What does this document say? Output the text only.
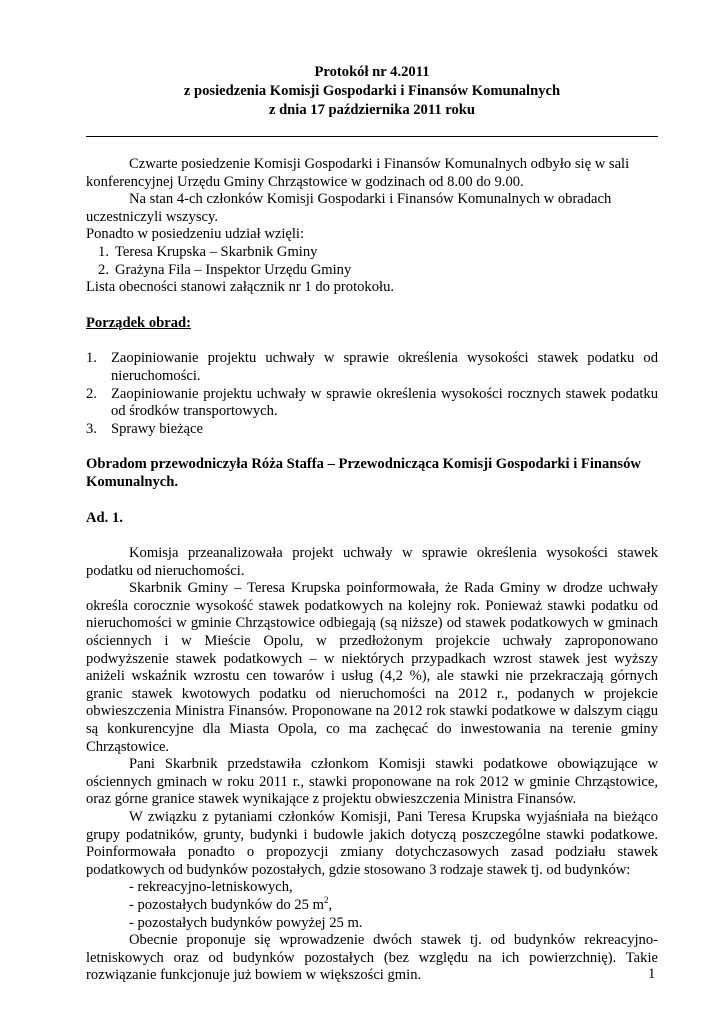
Protokół nr 4.2011
z posiedzenia Komisji Gospodarki i Finansów Komunalnych
z dnia 17 października 2011 roku

Czwarte posiedzenie Komisji Gospodarki i Finansów Komunalnych odbyło się w sali konferencyjnej Urzędu Gminy Chrząstowice w godzinach od 8.00 do 9.00.

Na stan 4-ch członków Komisji Gospodarki i Finansów Komunalnych w obradach uczestniczyli wszyscy.

Ponadto w posiedzeniu udział wzięli:

1. Teresa Krupska – Skarbnik Gminy
2. Grażyna Fila – Inspektor Urzędu Gminy

Lista obecności stanowi załącznik nr 1 do protokołu.

Porządek obrad:

1. Zaopiniowanie projektu uchwały w sprawie określenia wysokości stawek podatku od nieruchomości.
2. Zaopiniowanie projektu uchwały w sprawie określenia wysokości rocznych stawek podatku od środków transportowych.
3. Sprawy bieżące

Obradom przewodniczyła Róża Staffa – Przewodnicząca Komisji Gospodarki i Finansów Komunalnych.

Ad. 1.

Komisja przeanalizowała projekt uchwały w sprawie określenia wysokości stawek podatku od nieruchomości.

Skarbnik Gminy – Teresa Krupska poinformowała, że Rada Gminy w drodze uchwały określa corocznie wysokość stawek podatkowych na kolejny rok. Ponieważ stawki podatku od nieruchomości w gminie Chrząstowice odbiegają (są niższe) od stawek podatkowych w gminach ościennych i w Mieście Opolu, w przedłożonym projekcie uchwały zaproponowano podwyższenie stawek podatkowych – w niektórych przypadkach wzrost stawek jest wyższy aniżeli wskaźnik wzrostu cen towarów i usług (4,2 %), ale stawki nie przekraczają górnych granic stawek kwotowych podatku od nieruchomości na 2012 r., podanych w projekcie obwieszczenia Ministra Finansów. Proponowane na 2012 rok stawki podatkowe w dalszym ciągu są konkurencyjne dla Miasta Opola, co ma zachęcać do inwestowania na terenie gminy Chrząstowice.

Pani Skarbnik przedstawiła członkom Komisji stawki podatkowe obowiązujące w ościennych gminach w roku 2011 r., stawki proponowane na rok 2012 w gminie Chrząstowice, oraz górne granice stawek wynikające z projektu obwieszczenia Ministra Finansów.

W związku z pytaniami członków Komisji, Pani Teresa Krupska wyjaśniała na bieżąco grupy podatników, grunty, budynki i budowle jakich dotyczą poszczególne stawki podatkowe. Poinformowała ponadto o propozycji zmiany dotychczasowych zasad podziału stawek podatkowych od budynków pozostałych, gdzie stosowano 3 rodzaje stawek tj. od budynków:

- rekreacyjno-letniskowych,

- pozostałych budynków do 25 $m^2$,

- pozostałych budynków powyżej 25 m.

Obecnie proponuje się wprowadzenie dwóch stawek tj. od budynków rekreacyjno-letniskowych oraz od budynków pozostałych (bez względu na ich powierzchnię). Takie rozwiązanie funkcjonuje już bowiem w większości gmin.	1
